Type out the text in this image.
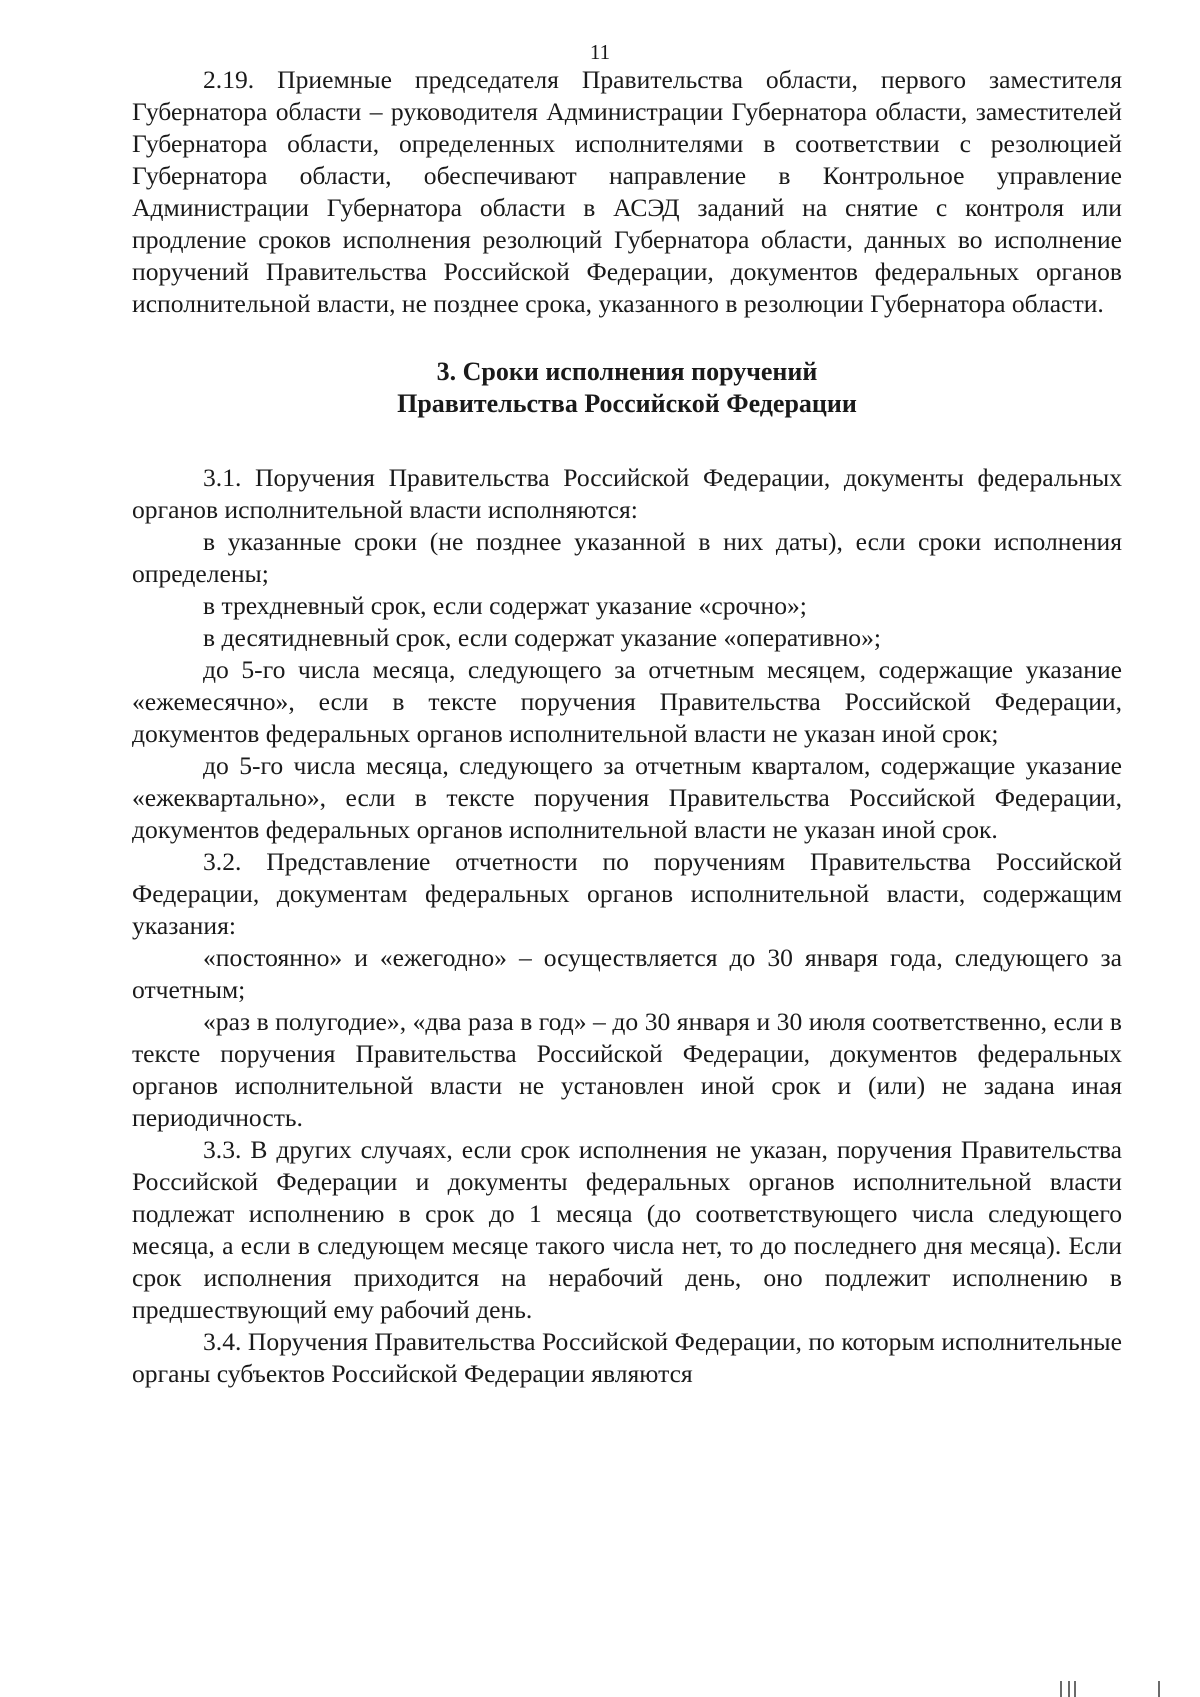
11

2.19. Приемные председателя Правительства области, первого заместителя Губернатора области – руководителя Администрации Губернатора области, заместителей Губернатора области, определенных исполнителями в соответствии с резолюцией Губернатора области, обеспечивают направление в Контрольное управление Администрации Губернатора области в АСЭД заданий на снятие с контроля или продление сроков исполнения резолюций Губернатора области, данных во исполнение поручений Правительства Российской Федерации, документов федеральных органов исполнительной власти, не позднее срока, указанного в резолюции Губернатора области.

3. Сроки исполнения поручений

Правительства Российской Федерации

3.1. Поручения Правительства Российской Федерации, документы федеральных органов исполнительной власти исполняются:

в указанные сроки (не позднее указанной в них даты), если сроки исполнения определены;

в трехдневный срок, если содержат указание «срочно»;

в десятидневный срок, если содержат указание «оперативно»;

до 5-го числа месяца, следующего за отчетным месяцем, содержащие указание «ежемесячно», если в тексте поручения Правительства Российской Федерации, документов федеральных органов исполнительной власти не указан иной срок;

до 5-го числа месяца, следующего за отчетным кварталом, содержащие указание «ежеквартально», если в тексте поручения Правительства Российской Федерации, документов федеральных органов исполнительной власти не указан иной срок.

3.2. Представление отчетности по поручениям Правительства Российской Федерации, документам федеральных органов исполнительной власти, содержащим указания:

«постоянно» и «ежегодно» – осуществляется до 30 января года, следующего за отчетным;

«раз в полугодие», «два раза в год» – до 30 января и 30 июля соответственно, если в тексте поручения Правительства Российской Федерации, документов федеральных органов исполнительной власти не установлен иной срок и (или) не задана иная периодичность.

3.3. В других случаях, если срок исполнения не указан, поручения Правительства Российской Федерации и документы федеральных органов исполнительной власти подлежат исполнению в срок до 1 месяца (до соответствующего числа следующего месяца, а если в следующем месяце такого числа нет, то до последнего дня месяца). Если срок исполнения приходится на нерабочий день, оно подлежит исполнению в предшествующий ему рабочий день.

3.4. Поручения Правительства Российской Федерации, по которым исполнительные органы субъектов Российской Федерации являются
